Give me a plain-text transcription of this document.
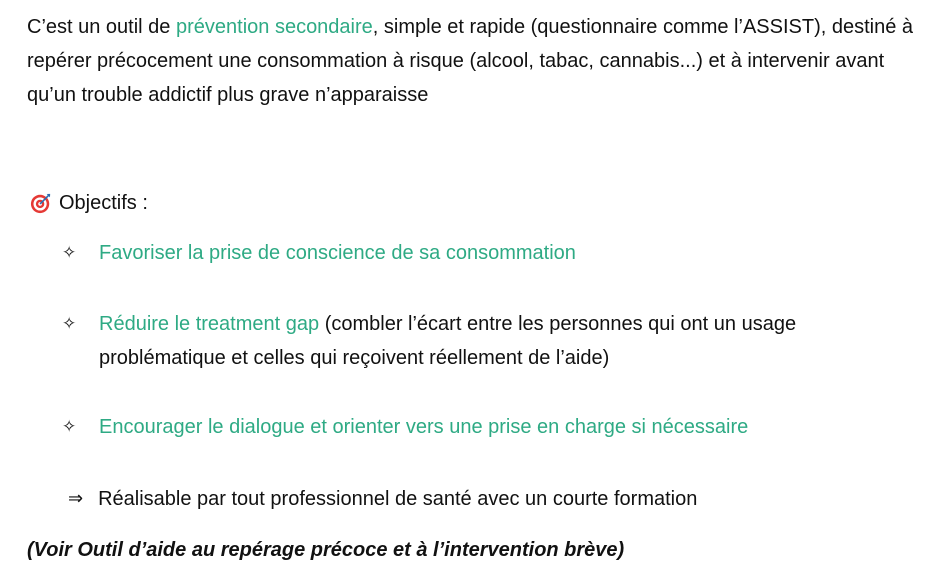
C’est un outil de prévention secondaire, simple et rapide (questionnaire comme l’ASSIST), destiné à repérer précocement une consommation à risque (alcool, tabac, cannabis...) et à intervenir avant qu’un trouble addictif plus grave n’apparaisse
Objectifs :
✧	Favoriser la prise de conscience de sa consommation
✧	Réduire le treatment gap (combler l’écart entre les personnes qui ont un usage problématique et celles qui reçoivent réellement de l’aide)
✧	Encourager le dialogue et orienter vers une prise en charge si nécessaire
⇒ Réalisable par tout professionnel de santé avec un courte formation
(Voir Outil d’aide au repérage précoce et à l’intervention brève)
